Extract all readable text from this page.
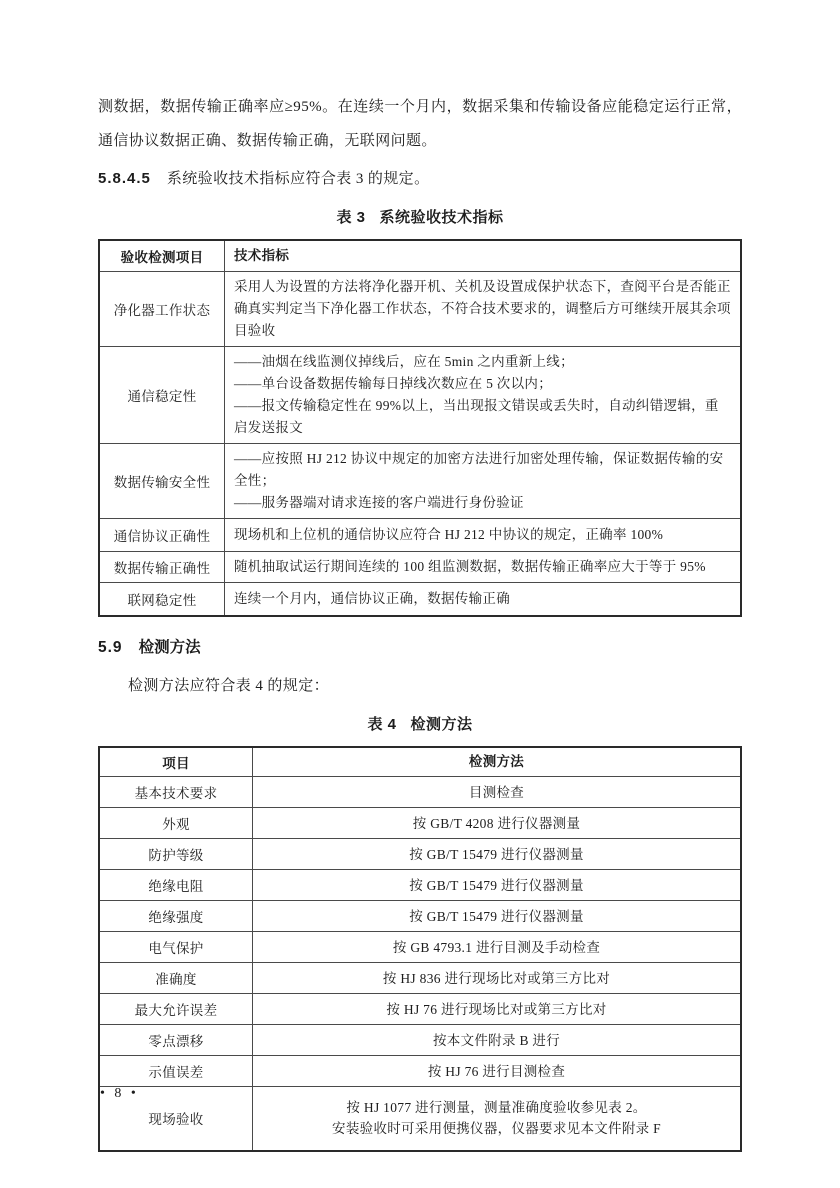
测数据，数据传输正确率应≥95%。在连续一个月内，数据采集和传输设备应能稳定运行正常，通信协议数据正确、数据传输正确，无联网问题。
5.8.4.5 系统验收技术指标应符合表 3 的规定。
表 3 系统验收技术指标
验收检测项目	技术指标
净化器工作状态	采用人为设置的方法将净化器开机、关机及设置成保护状态下，查阅平台是否能正确真实判定当下净化器工作状态，不符合技术要求的，调整后方可继续开展其余项目验收

通信稳定性	——油烟在线监测仪掉线后，应在 5min 之内重新上线；
——单台设备数据传输每日掉线次数应在 5 次以内；
——报文传输稳定性在 99%以上，当出现报文错误或丢失时，自动纠错逻辑，重启发送报文

数据传输安全性	——应按照 HJ 212 协议中规定的加密方法进行加密处理传输，保证数据传输的安全性；
——服务器端对请求连接的客户端进行身份验证

通信协议正确性	现场机和上位机的通信协议应符合 HJ 212 中协议的规定，正确率 100%

数据传输正确性	随机抽取试运行期间连续的 100 组监测数据，数据传输正确率应大于等于 95%

联网稳定性	连续一个月内，通信协议正确，数据传输正确
5.9 检测方法
检测方法应符合表 4 的规定：
表 4 检测方法
项目	检测方法
基本技术要求	目测检查

外观	按 GB/T 4208 进行仪器测量

防护等级	按 GB/T 15479 进行仪器测量

绝缘电阻	按 GB/T 15479 进行仪器测量

绝缘强度	按 GB/T 15479 进行仪器测量

电气保护	按 GB 4793.1 进行目测及手动检查

准确度	按 HJ 836 进行现场比对或第三方比对

最大允许误差	按 HJ 76 进行现场比对或第三方比对

零点漂移	按本文件附录 B 进行

示值误差	按 HJ 76 进行目测检查

现场验收	按 HJ 1077 进行测量，测量准确度验收参见表 2。
安装验收时可采用便携仪器，仪器要求见本文件附录 F
• 8 •
